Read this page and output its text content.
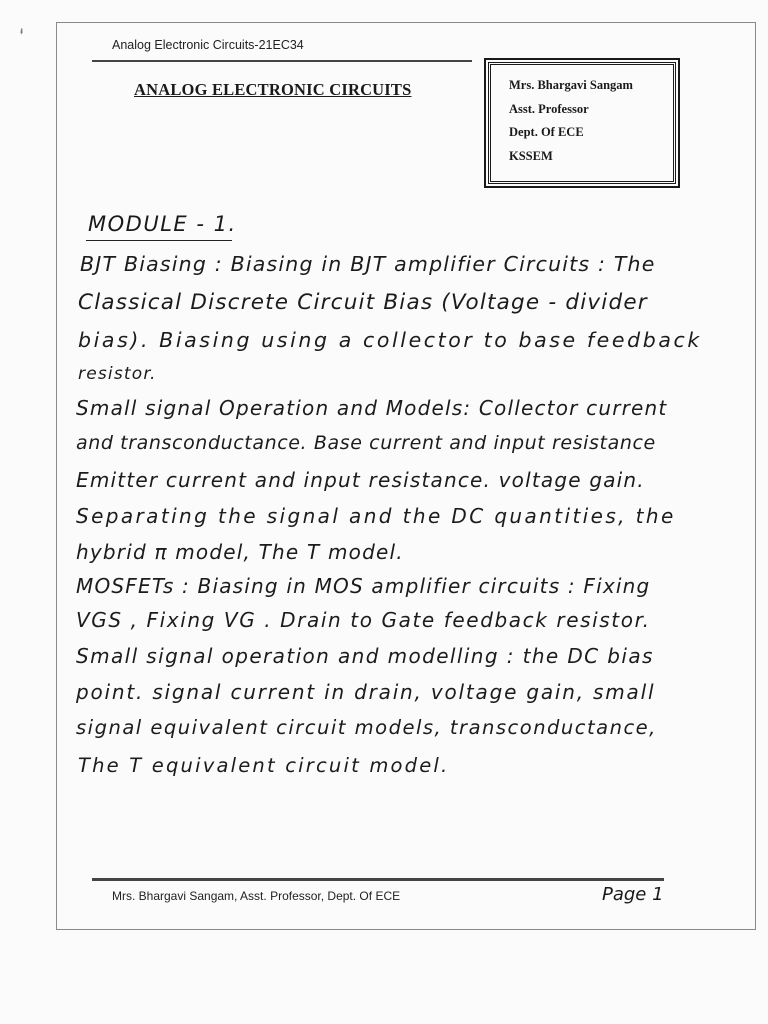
⸙
Analog Electronic Circuits-21EC34
ANALOG ELECTRONIC CIRCUITS	Mrs. Bhargavi Sangam
Asst. Professor
Dept. Of ECE
KSSEM
MODULE - 1.
BJT Biasing : Biasing in BJT amplifier Circuits : The
Classical Discrete Circuit Bias (Voltage - divider
bias). Biasing using a collector to base feedback
resistor.
Small signal Operation and Models: Collector current
and transconductance. Base current and input resistance
Emitter current and input resistance. voltage gain.
Separating the signal and the DC quantities, the
hybrid π model, The T model.
MOSFETs : Biasing in MOS amplifier circuits : Fixing
VGS , Fixing VG . Drain to Gate feedback resistor.
Small signal operation and modelling : the DC bias
point. signal current in drain, voltage gain, small
signal equivalent circuit models, transconductance,
The T equivalent circuit model.
Mrs. Bhargavi Sangam, Asst. Professor, Dept. Of ECE	Page 1
